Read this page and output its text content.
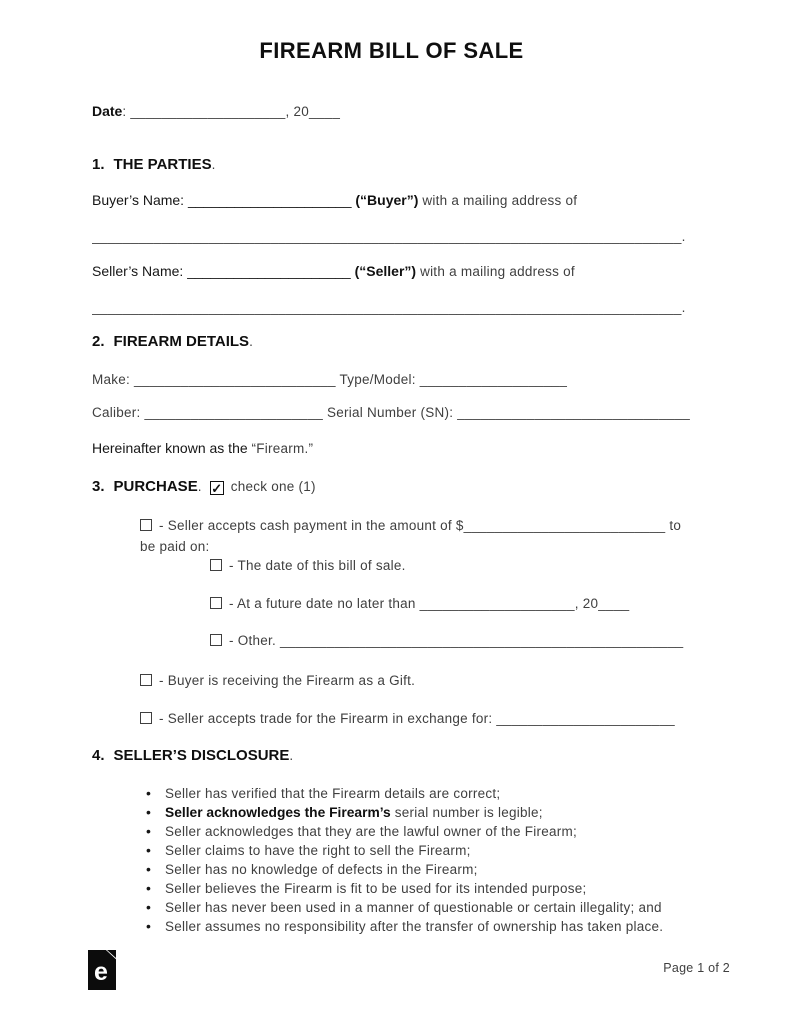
FIREARM BILL OF SALE
Date: ____________________, 20____
1. THE PARTIES.
Buyer’s Name: _____________________ (“Buyer”) with a mailing address of
____________________________________________________________________________.
Seller’s Name: _____________________ (“Seller”) with a mailing address of
____________________________________________________________________________.
2. FIREARM DETAILS.
Make: __________________________ Type/Model: ___________________
Caliber: _______________________ Serial Number (SN): ______________________________
Hereinafter known as the “Firearm.”
3. PURCHASE. ✓ check one (1)
- Seller accepts cash payment in the amount of $__________________________ to
be paid on:
- The date of this bill of sale.
- At a future date no later than ____________________, 20____
- Other. ____________________________________________________
- Buyer is receiving the Firearm as a Gift.
- Seller accepts trade for the Firearm in exchange for: _______________________
4. SELLER’S DISCLOSURE.
• Seller has verified that the Firearm details are correct;
• Seller acknowledges the Firearm’s serial number is legible;
• Seller acknowledges that they are the lawful owner of the Firearm;
• Seller claims to have the right to sell the Firearm;
• Seller has no knowledge of defects in the Firearm;
• Seller believes the Firearm is fit to be used for its intended purpose;
• Seller has never been used in a manner of questionable or certain illegality; and
• Seller assumes no responsibility after the transfer of ownership has taken place.
e	Page 1 of 2
